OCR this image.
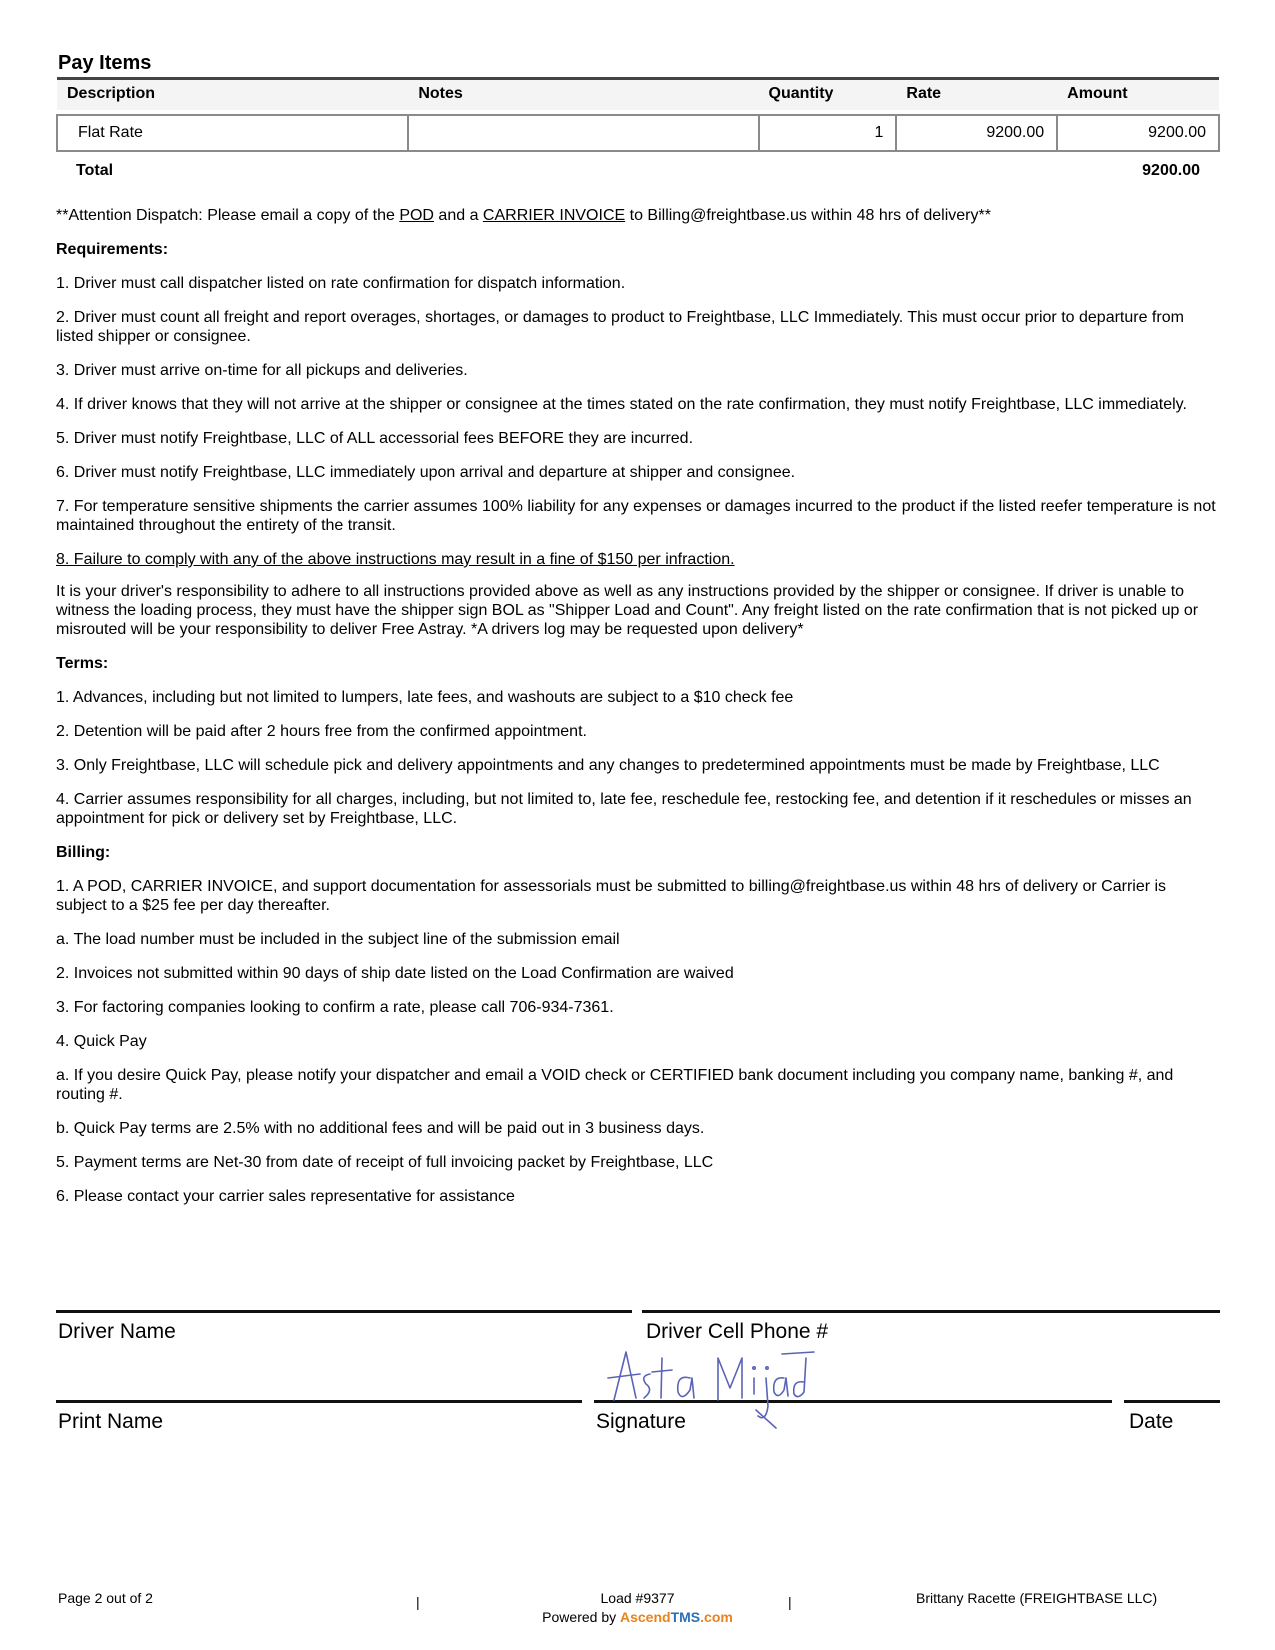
Pay Items
Description	Notes	Quantity	Rate	Amount

Flat Rate		1	9200.00	9200.00
Total	9200.00

**Attention Dispatch: Please email a copy of the POD and a CARRIER INVOICE to Billing@freightbase.us within 48 hrs of delivery**

Requirements:

1. Driver must call dispatcher listed on rate confirmation for dispatch information.

2. Driver must count all freight and report overages, shortages, or damages to product to Freightbase, LLC Immediately. This must occur prior to departure from listed shipper or consignee.

3. Driver must arrive on-time for all pickups and deliveries.

4. If driver knows that they will not arrive at the shipper or consignee at the times stated on the rate confirmation, they must notify Freightbase, LLC immediately.

5. Driver must notify Freightbase, LLC of ALL accessorial fees BEFORE they are incurred.

6. Driver must notify Freightbase, LLC immediately upon arrival and departure at shipper and consignee.

7. For temperature sensitive shipments the carrier assumes 100% liability for any expenses or damages incurred to the product if the listed reefer temperature is not maintained throughout the entirety of the transit.

8. Failure to comply with any of the above instructions may result in a fine of $150 per infraction.

It is your driver's responsibility to adhere to all instructions provided above as well as any instructions provided by the shipper or consignee. If driver is unable to witness the loading process, they must have the shipper sign BOL as "Shipper Load and Count". Any freight listed on the rate confirmation that is not picked up or misrouted will be your responsibility to deliver Free Astray. *A drivers log may be requested upon delivery*

Terms:

1. Advances, including but not limited to lumpers, late fees, and washouts are subject to a $10 check fee

2. Detention will be paid after 2 hours free from the confirmed appointment.

3. Only Freightbase, LLC will schedule pick and delivery appointments and any changes to predetermined appointments must be made by Freightbase, LLC

4. Carrier assumes responsibility for all charges, including, but not limited to, late fee, reschedule fee, restocking fee, and detention if it reschedules or misses an appointment for pick or delivery set by Freightbase, LLC.

Billing:

1. A POD, CARRIER INVOICE, and support documentation for assessorials must be submitted to billing@freightbase.us within 48 hrs of delivery or Carrier is subject to a $25 fee per day thereafter.

a. The load number must be included in the subject line of the submission email

2. Invoices not submitted within 90 days of ship date listed on the Load Confirmation are waived

3. For factoring companies looking to confirm a rate, please call 706-934-7361.

4. Quick Pay

a. If you desire Quick Pay, please notify your dispatcher and email a VOID check or CERTIFIED bank document including you company name, banking #, and routing #.

b. Quick Pay terms are 2.5% with no additional fees and will be paid out in 3 business days.

5. Payment terms are Net-30 from date of receipt of full invoicing packet by Freightbase, LLC

6. Please contact your carrier sales representative for assistance

Driver Name	Driver Cell Phone #
Print Name	Signature	Date
Page 2 out of 2	|	Load #9377
Powered by AscendTMS.com
|	Brittany Racette (FREIGHTBASE LLC)
